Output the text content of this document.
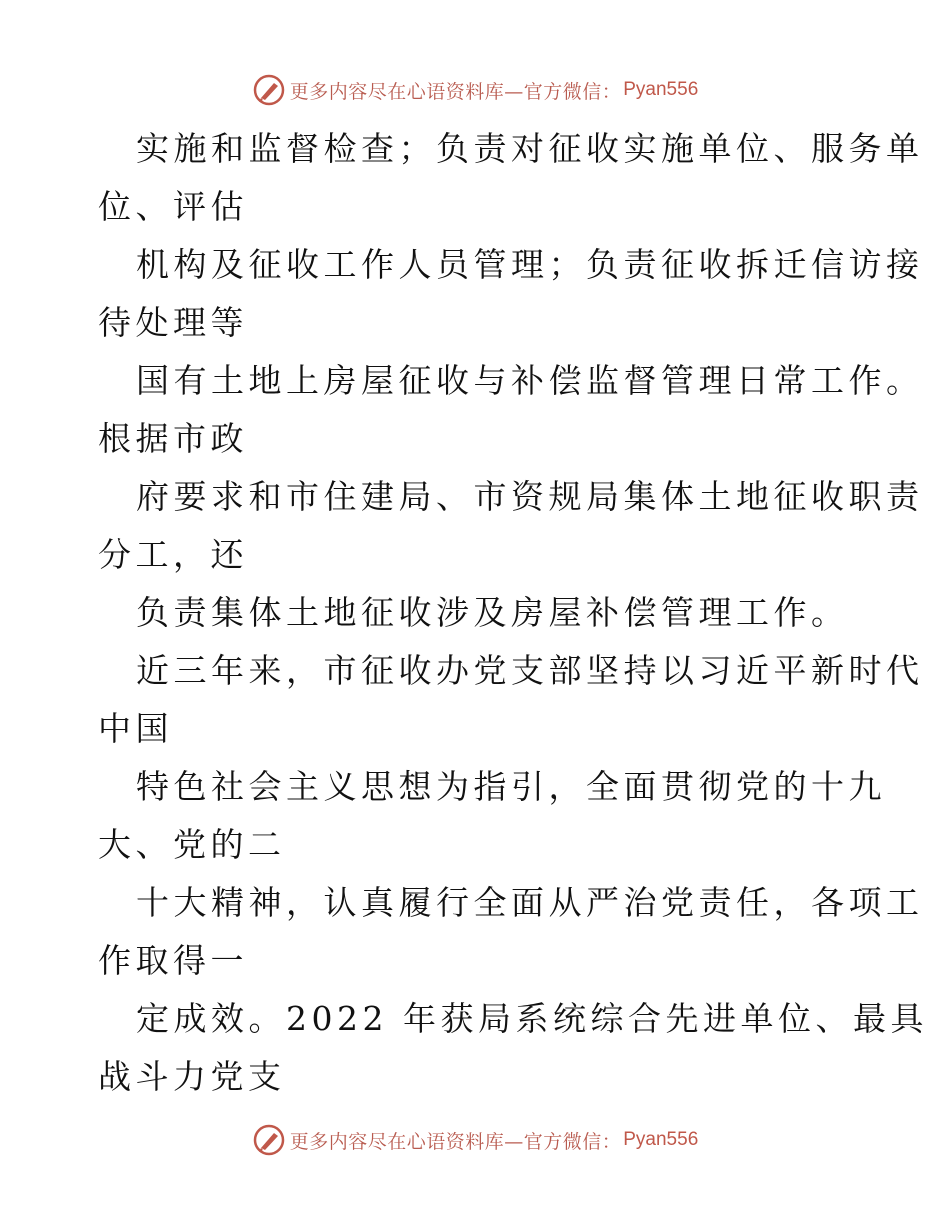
更多内容尽在心语资料库—官方微信： Pyan556
实施和监督检查；负责对征收实施单位、服务单
位、评估
机构及征收工作人员管理；负责征收拆迁信访接
待处理等
国有土地上房屋征收与补偿监督管理日常工作。
根据市政
府要求和市住建局、市资规局集体土地征收职责
分工，还
负责集体土地征收涉及房屋补偿管理工作。
近三年来，市征收办党支部坚持以习近平新时代
中国
特色社会主义思想为指引，全面贯彻党的十九
大、党的二
十大精神，认真履行全面从严治党责任，各项工
作取得一
定成效。2022 年获局系统综合先进单位、最具
战斗力党支
更多内容尽在心语资料库—官方微信： Pyan556
